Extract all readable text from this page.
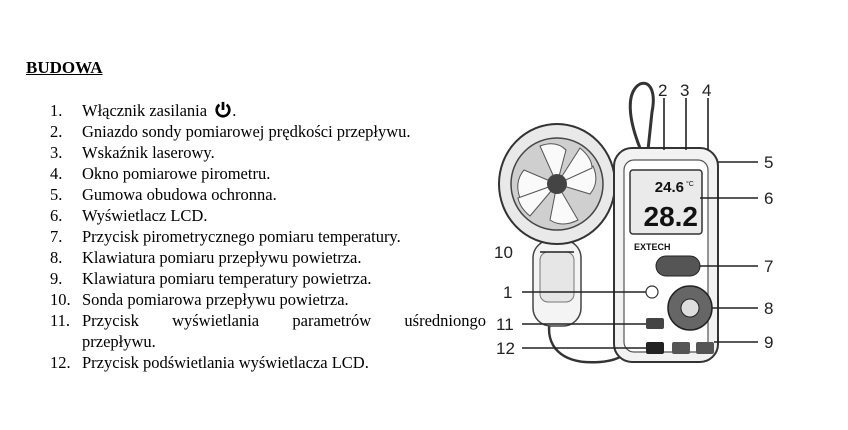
BUDOWA
1. Włącznik zasilania .
2. Gniazdo sondy pomiarowej prędkości przepływu.
3. Wskaźnik laserowy.
4. Okno pomiarowe pirometru.
5. Gumowa obudowa ochronna.
6. Wyświetlacz LCD.
7. Przycisk pirometrycznego pomiaru temperatury.
8. Klawiatura pomiaru przepływu powietrza.
9. Klawiatura pomiaru temperatury powietrza.
10. Sonda pomiarowa przepływu powietrza.
11. Przycisk wyświetlania parametrów uśredniongo
przepływu.
12. Przycisk podświetlania wyświetlacza LCD.
24.6 °C
28.2
EXTECH
2 3 4
5
6
7
8
9
10
1
11
12
